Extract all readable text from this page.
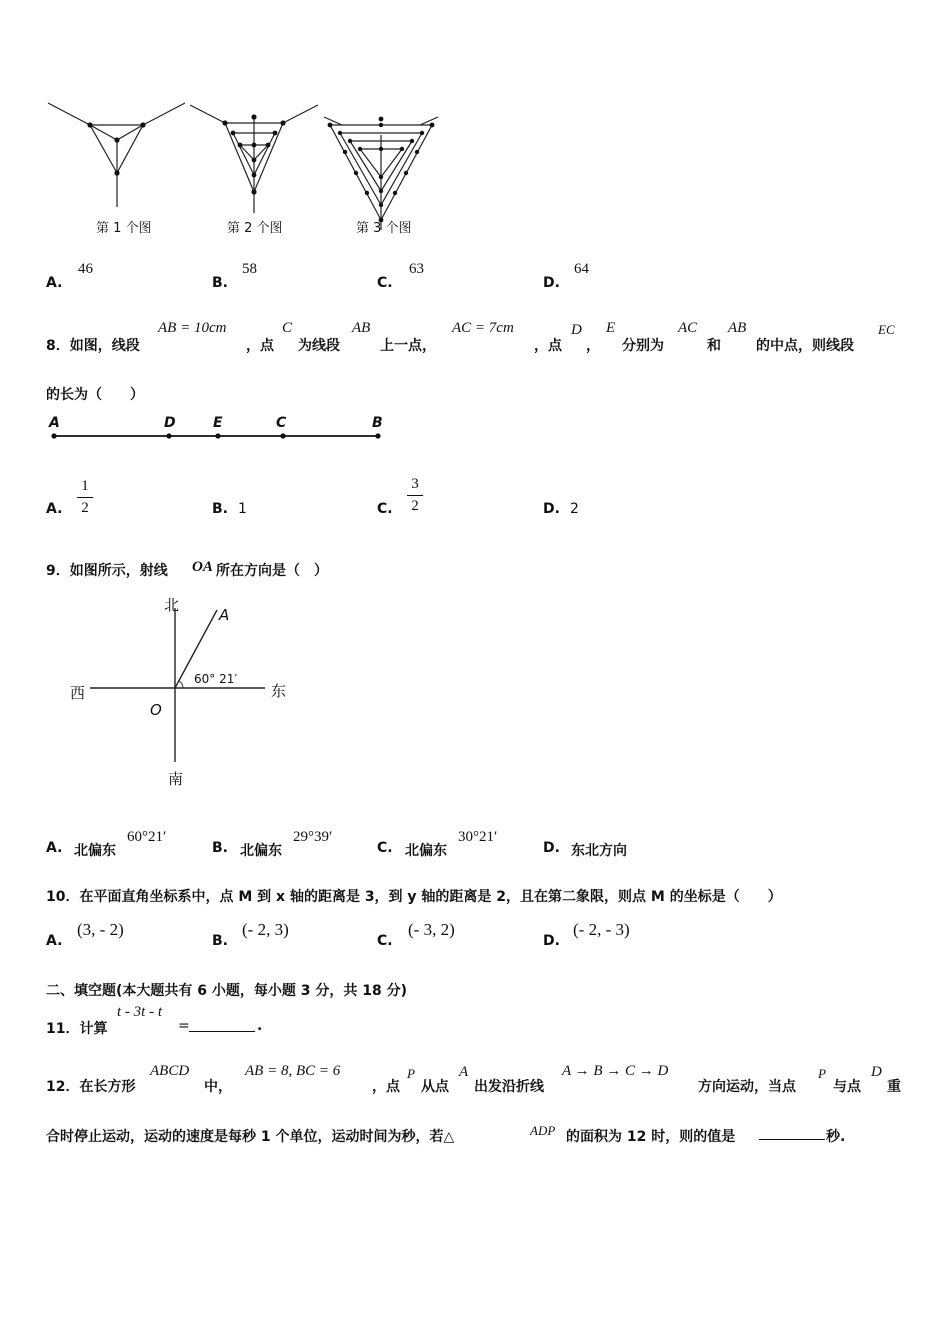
第 1 个图	第 2 个图	第 3 个图
A.
46
B.
58
C.
63
D.
64
8．如图，线段
AB = 10cm
，点
C
为线段
AB
上一点，
AC = 7cm
，点
D
，
E
分别为
AC
和
AB
的中点，则线段
EC
的长为（　　）
A	D	E	C	B
A.
1
2	B. 1	C.
3
2	D. 2
9．如图所示，射线 OA 所在方向是（　）
北
南
东
西
A
O
60° 21′
A. 北偏东
60°21′
B. 北偏东
29°39′
C. 北偏东
30°21′
D. 东北方向
10．在平面直角坐标系中，点 M 到 x 轴的距离是 3，到 y 轴的距离是 2，且在第二象限，则点 M 的坐标是（　　）
A.
(3, - 2)
B.
(- 2, 3)
C.
(- 3, 2)
D.
(- 2, - 3)
二、填空题(本大题共有 6 小题，每小题 3 分，共 18 分)
11．计算
t - 3t - t
=	.
12．在长方形
ABCD
中，
AB = 8, BC = 6
，点
P
从点
A
出发沿折线
A → B → C → D
方向运动，当点
P
与点
D
重
合时停止运动，运动的速度是每秒 1 个单位，运动时间为秒，若△	ADP 的面积为 12 时，则的值是	秒.
